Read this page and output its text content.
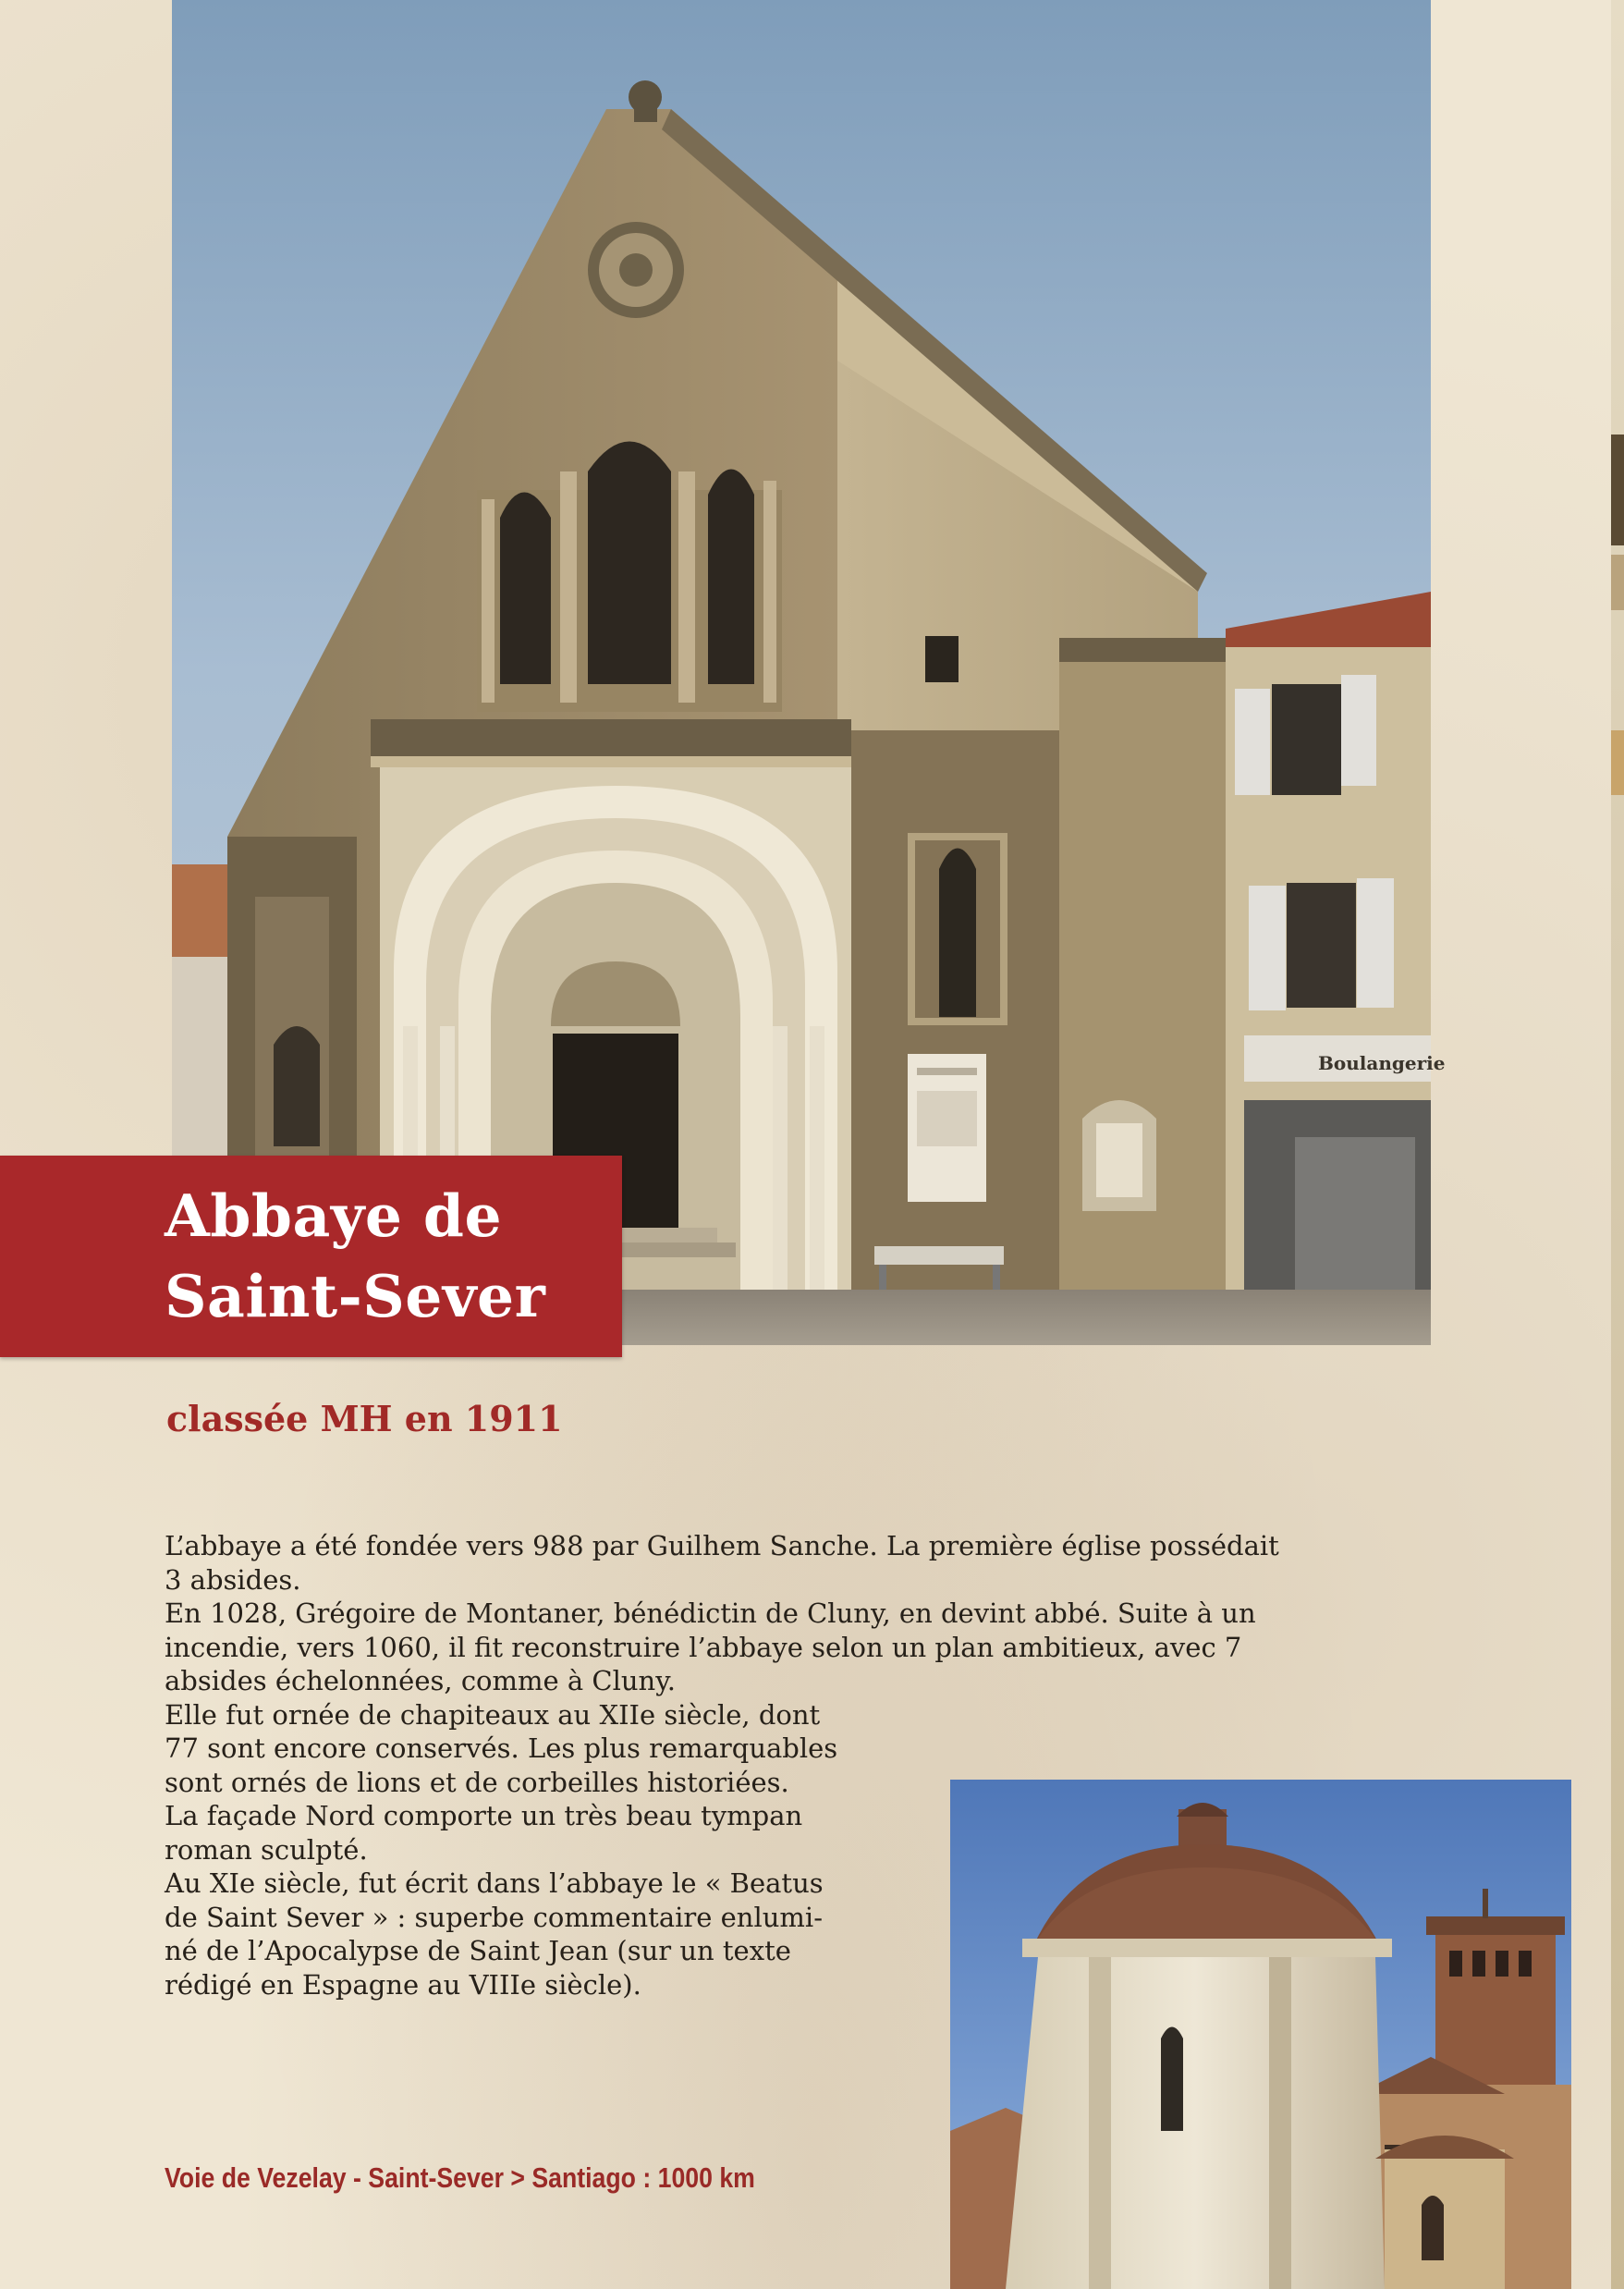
Boulangerie
Abbaye de
Saint-Sever
classée MH en 1911
L’abbaye a été fondée vers 988 par Guilhem Sanche. La première église possédait
3 absides.
En 1028, Grégoire de Montaner, bénédictin de Cluny, en devint abbé. Suite à un
incendie, vers 1060, il fit reconstruire l’abbaye selon un plan ambitieux, avec 7
absides échelonnées, comme à Cluny.
Elle fut ornée de chapiteaux au XIIe siècle, dont
77 sont encore conservés. Les plus remarquables
sont ornés de lions et de corbeilles historiées.
La façade Nord comporte un très beau tympan
roman sculpté.
Au XIe siècle, fut écrit dans l’abbaye le « Beatus
de Saint Sever » : superbe commentaire enlumi-
né de l’Apocalypse de Saint Jean (sur un texte
rédigé en Espagne au VIIIe siècle).
Voie de Vezelay - Saint-Sever > Santiago : 1000 km
